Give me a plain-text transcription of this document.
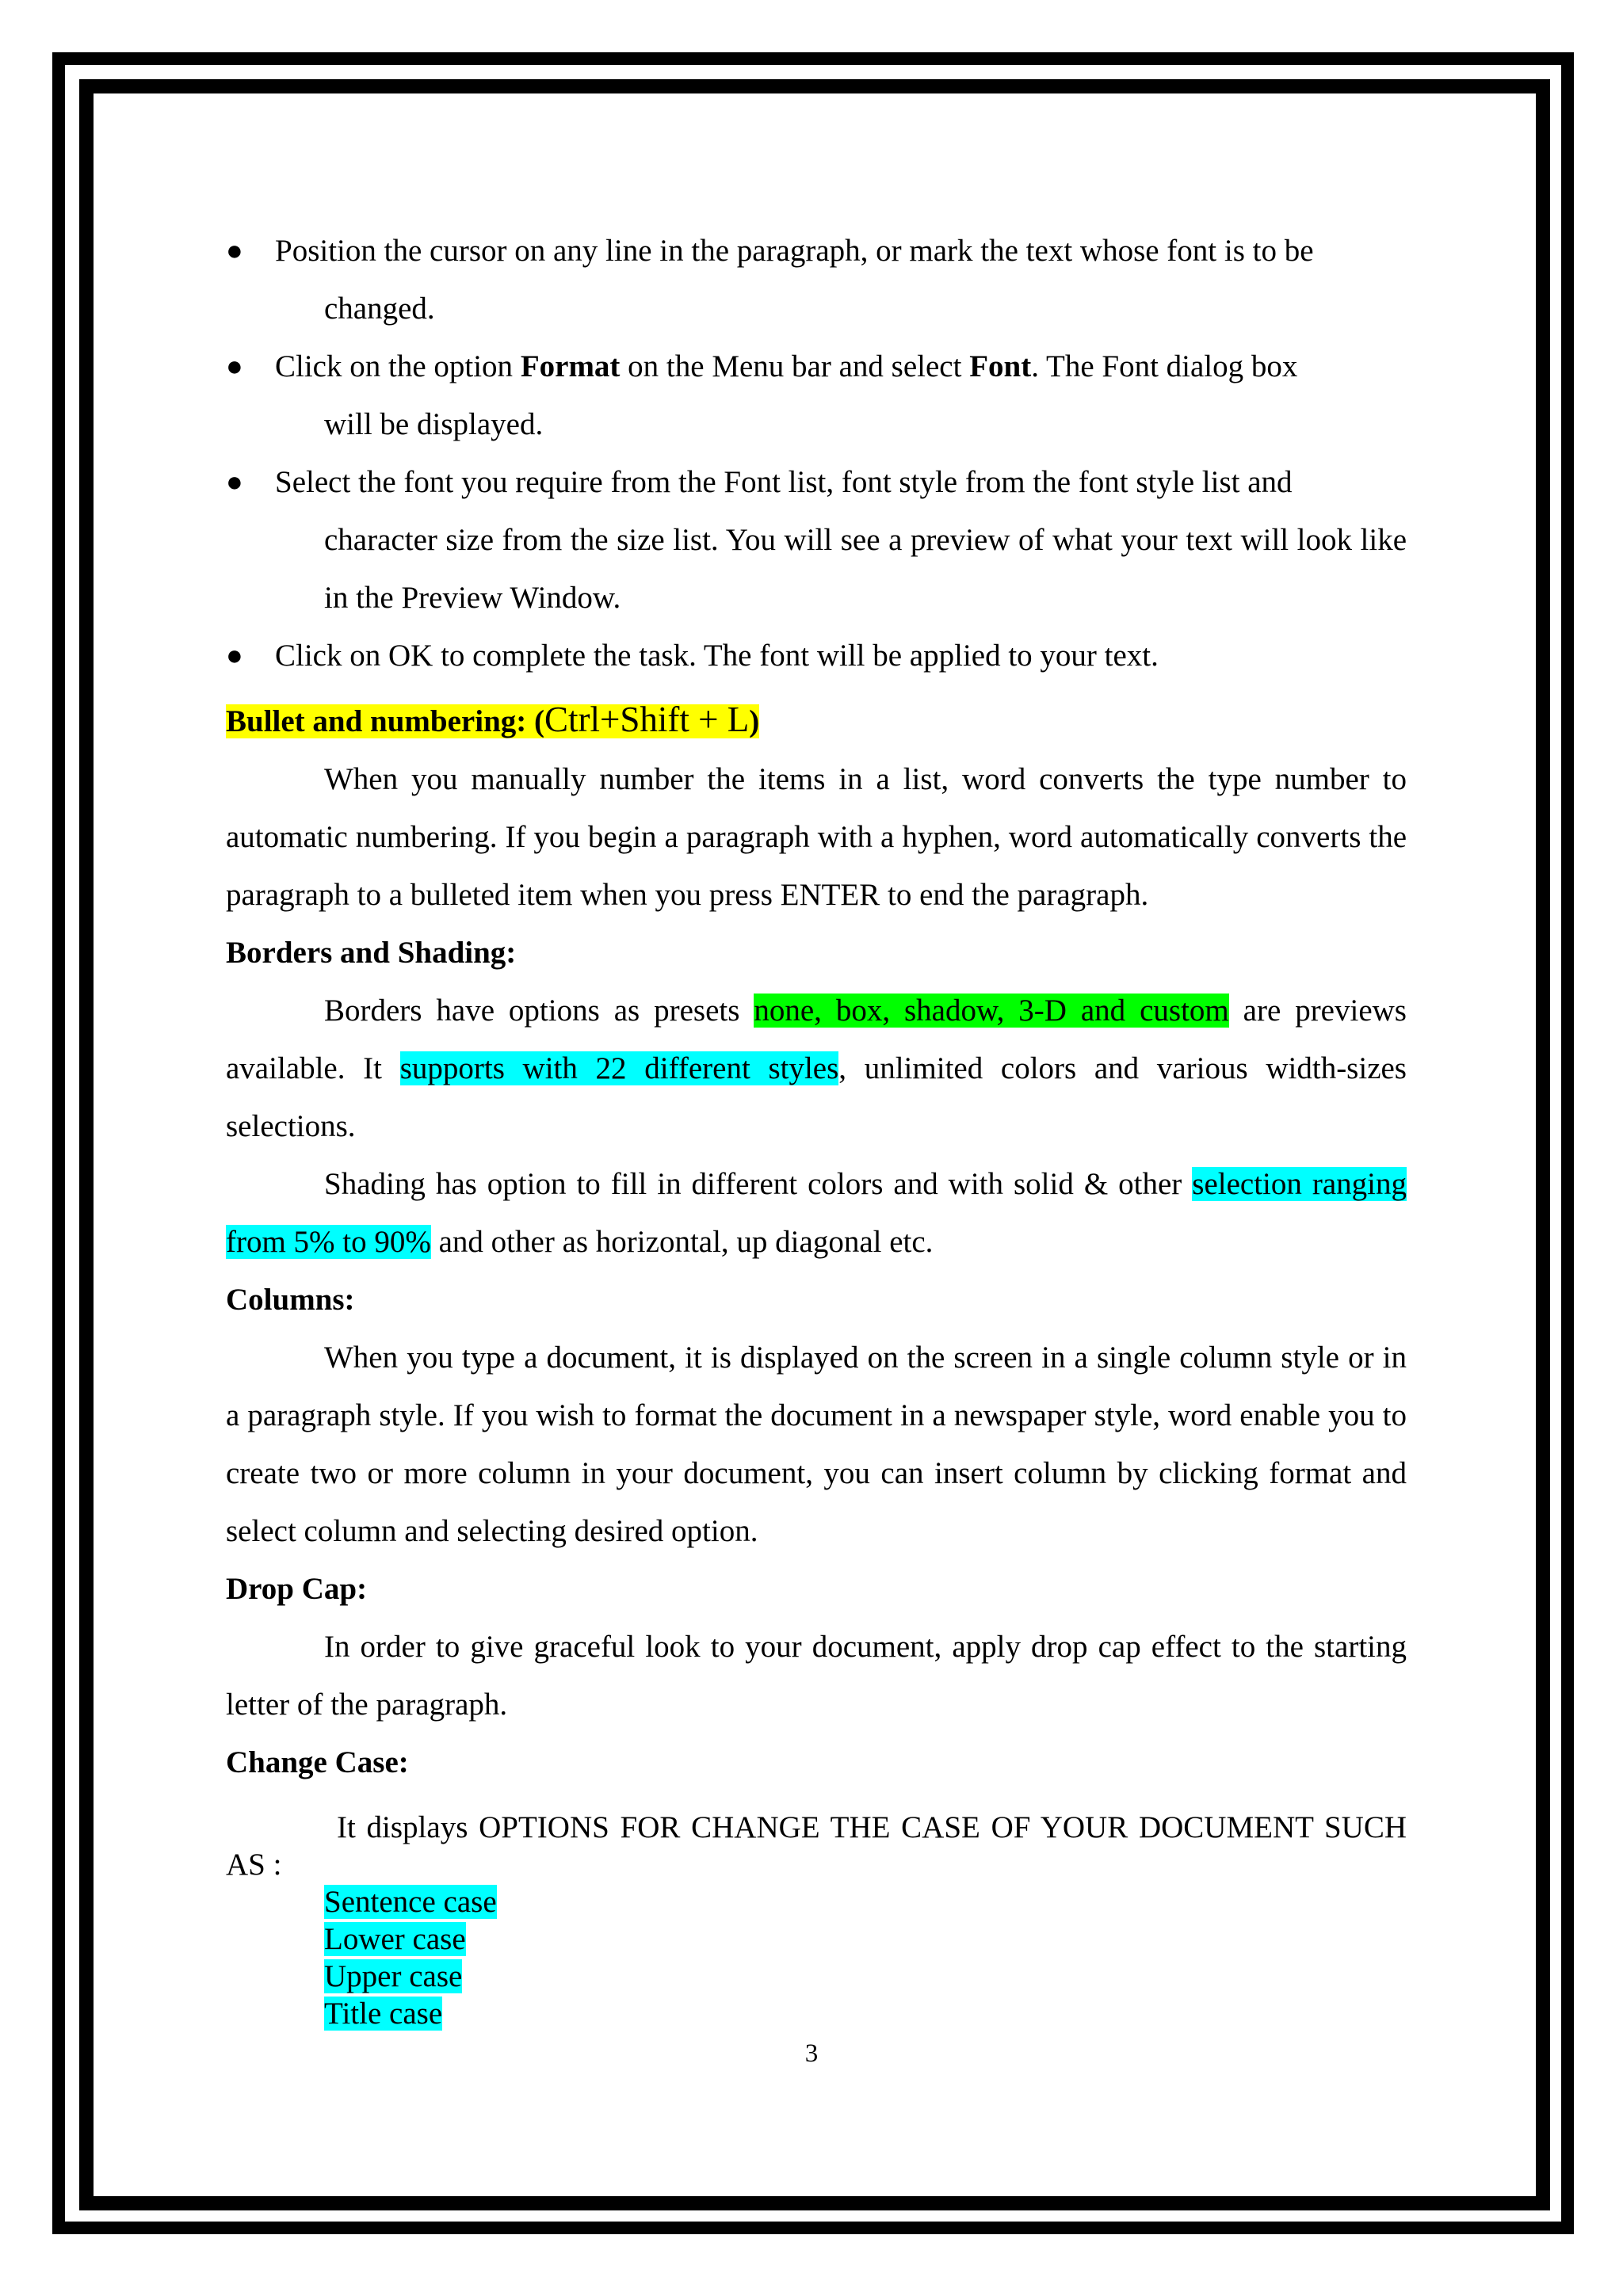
● Position the cursor on any line in the paragraph, or mark the text whose font is to be
changed.
● Click on the option Format on the Menu bar and select Font. The Font dialog box
will be displayed.
● Select the font you require from the Font list, font style from the font style list and
character size from the size list. You will see a preview of what your text will look like in the Preview Window.
● Click on OK to complete the task. The font will be applied to your text.
Bullet and numbering: (Ctrl+Shift + L)
When you manually number the items in a list, word converts the type number to automatic numbering. If you begin a paragraph with a hyphen, word automatically converts the paragraph to a bulleted item when you press ENTER to end the paragraph.
Borders and Shading:
Borders have options as presets none, box, shadow, 3-D and custom are previews available. It supports with 22 different styles, unlimited colors and various width-sizes selections.
Shading has option to fill in different colors and with solid & other selection ranging from 5% to 90% and other as horizontal, up diagonal etc.
Columns:
When you type a document, it is displayed on the screen in a single column style or in a paragraph style. If you wish to format the document in a newspaper style, word enable you to create two or more column in your document, you can insert column by clicking format and select column and selecting desired option.
Drop Cap:
In order to give graceful look to your document, apply drop cap effect to the starting letter of the paragraph.
Change Case:
It displays OPTIONS FOR CHANGE THE CASE OF YOUR DOCUMENT SUCH AS :
Sentence case
Lower case
Upper case
Title case
3
